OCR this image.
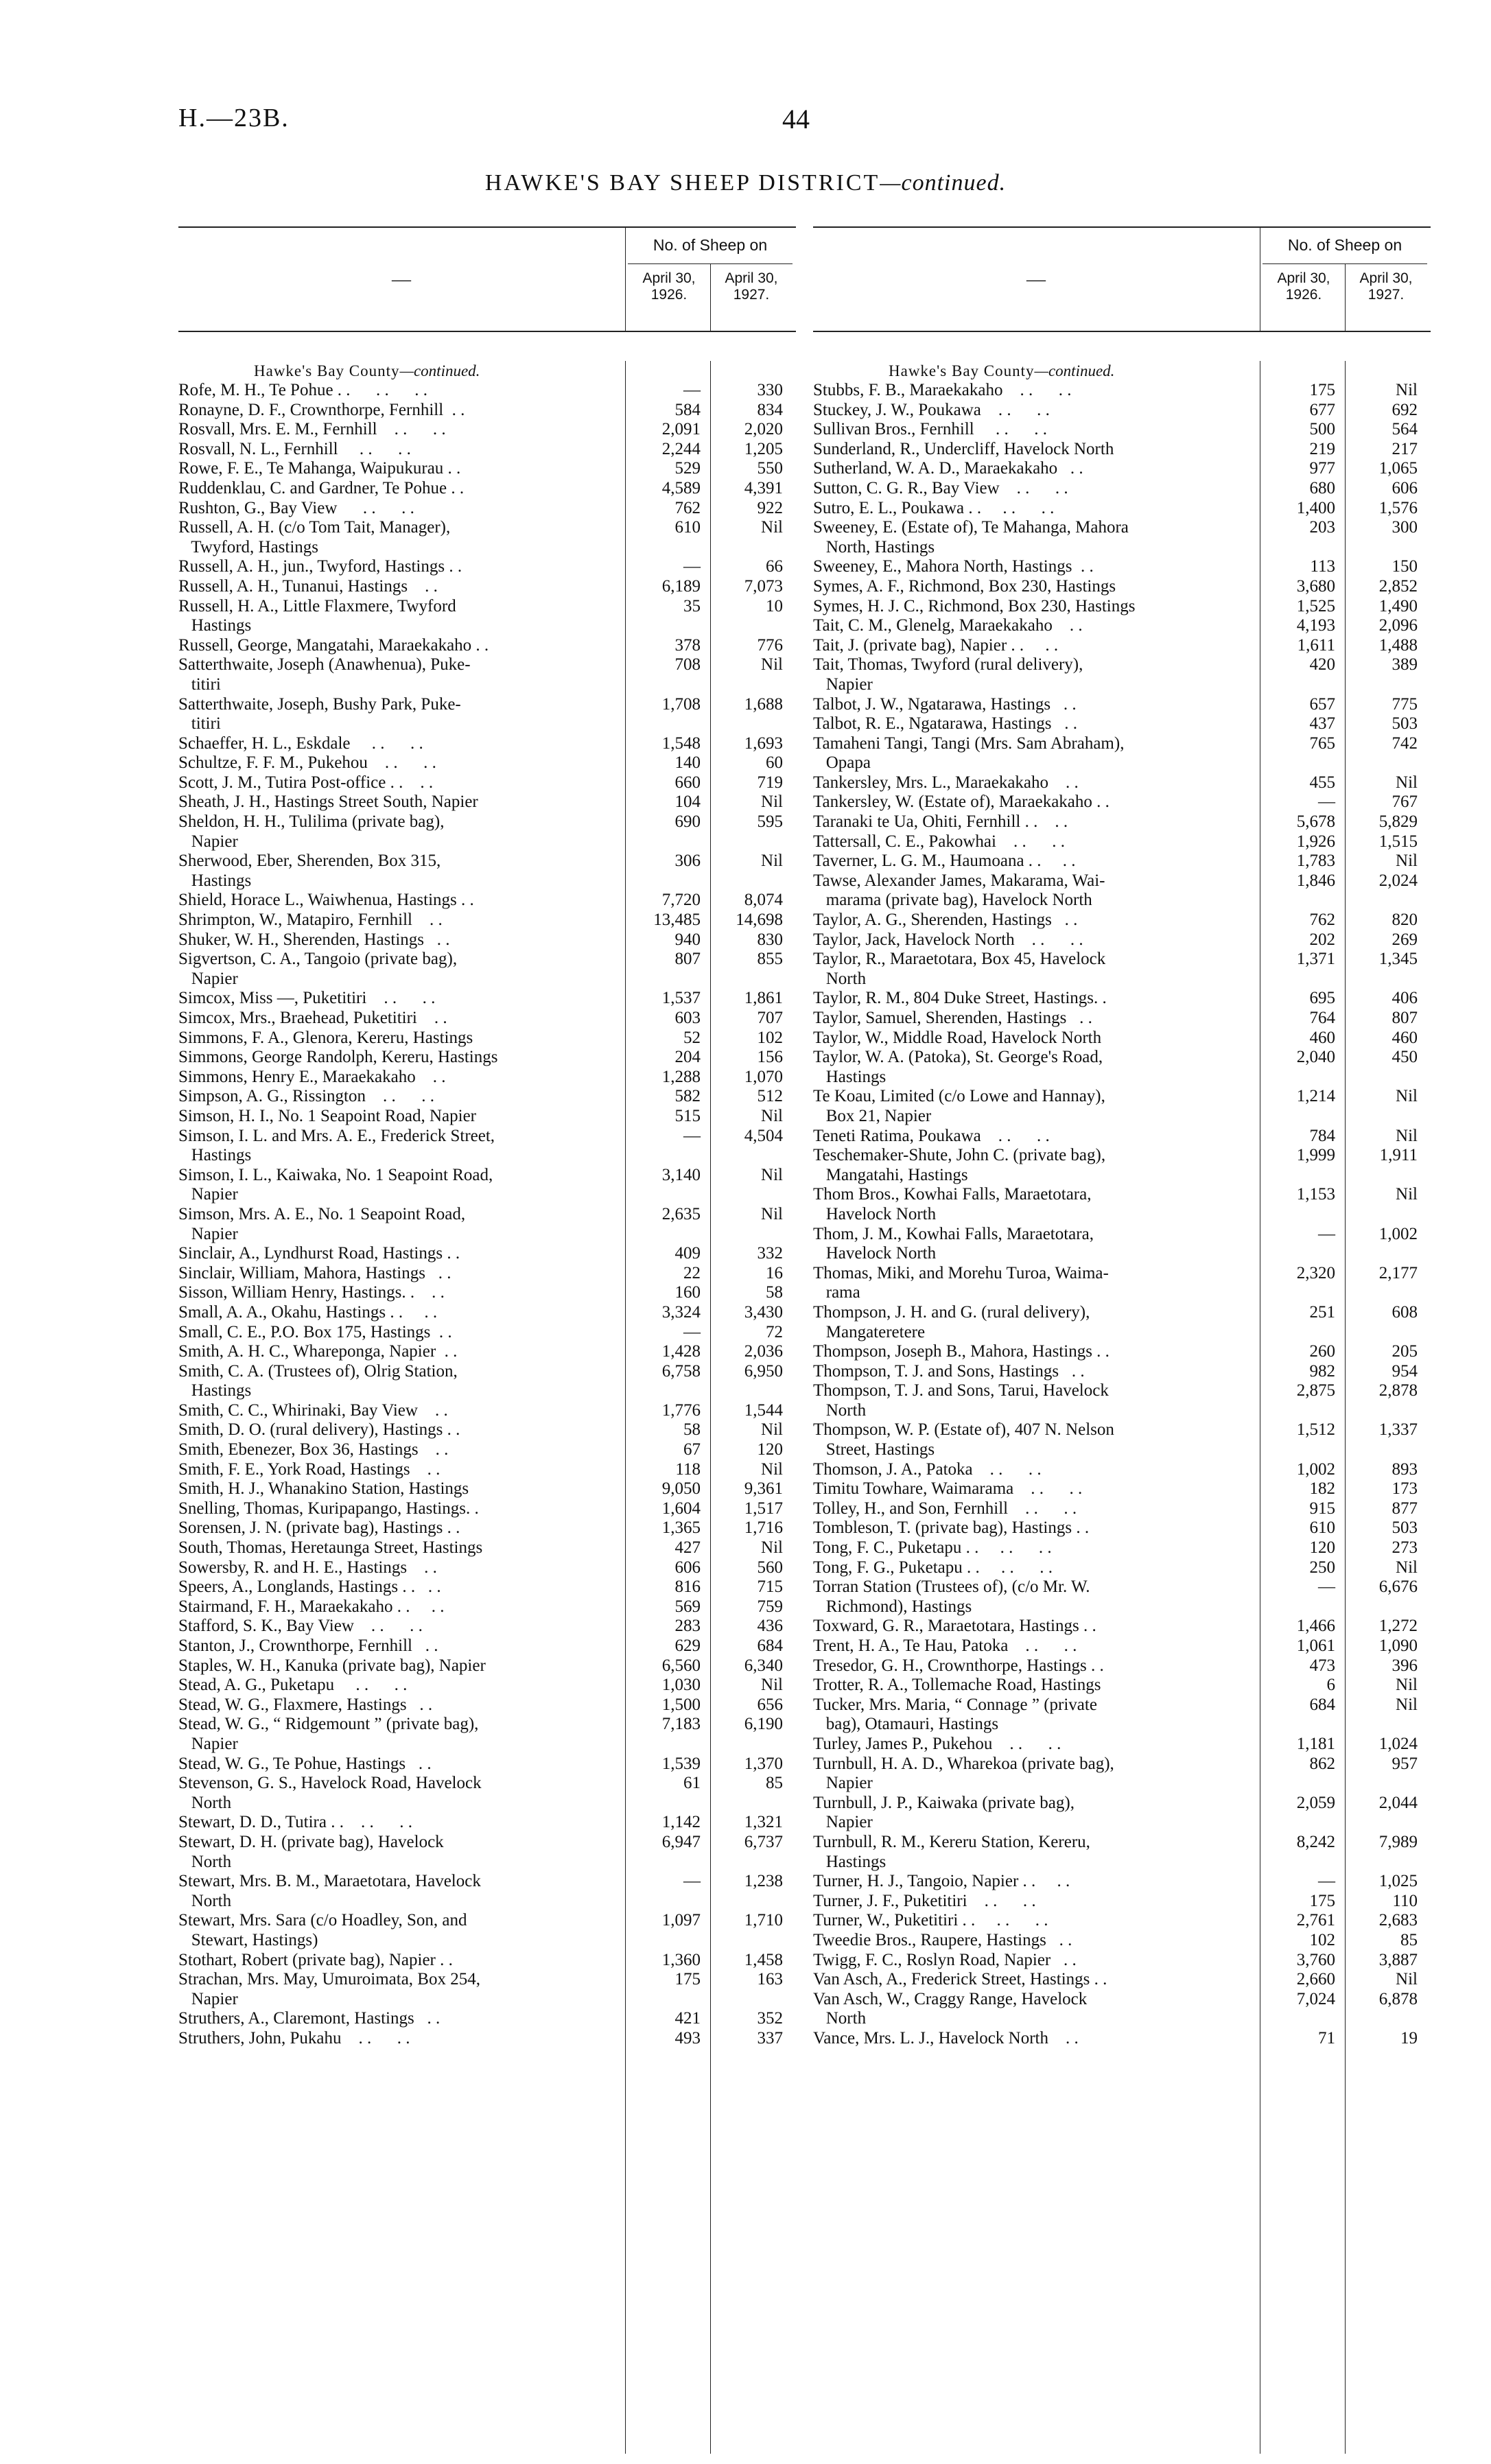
H.—23B.	44
HAWKE'S BAY SHEEP DISTRICT—continued.
—
No. of Sheep on
April 30, 1926.
April 30, 1927.
Hawke's Bay County—continued.
Rofe, M. H., Te Pohue . .      . .      . .	—	330
Ronayne, D. F., Crownthorpe, Fernhill  . .	584	834
Rosvall, Mrs. E. M., Fernhill    . .      . .	2,091	2,020
Rosvall, N. L., Fernhill     . .      . .	2,244	1,205
Rowe, F. E., Te Mahanga, Waipukurau . .	529	550
Ruddenklau, C. and Gardner, Te Pohue . .	4,589	4,391
Rushton, G., Bay View      . .      . .	762	922
Russell, A. H. (c/o Tom Tait, Manager),	610	Nil
Twyford, Hastings
Russell, A. H., jun., Twyford, Hastings . .	—	66
Russell, A. H., Tunanui, Hastings    . .	6,189	7,073
Russell, H. A., Little Flaxmere, Twyford	35	10
Hastings
Russell, George, Mangatahi, Maraekakaho . .	378	776
Satterthwaite, Joseph (Anawhenua), Puke-	708	Nil
titiri
Satterthwaite, Joseph, Bushy Park, Puke-	1,708	1,688
titiri
Schaeffer, H. L., Eskdale     . .      . .	1,548	1,693
Schultze, F. F. M., Pukehou    . .      . .	140	60
Scott, J. M., Tutira Post-office . .    . .	660	719
Sheath, J. H., Hastings Street South, Napier	104	Nil
Sheldon, H. H., Tulilima (private bag),	690	595
Napier
Sherwood, Eber, Sherenden, Box 315,	306	Nil
Hastings
Shield, Horace L., Waiwhenua, Hastings . .	7,720	8,074
Shrimpton, W., Matapiro, Fernhill    . .	13,485	14,698
Shuker, W. H., Sherenden, Hastings   . .	940	830
Sigvertson, C. A., Tangoio (private bag),	807	855
Napier
Simcox, Miss —, Puketitiri    . .      . .	1,537	1,861
Simcox, Mrs., Braehead, Puketitiri    . .	603	707
Simmons, F. A., Glenora, Kereru, Hastings	52	102
Simmons, George Randolph, Kereru, Hastings	204	156
Simmons, Henry E., Maraekakaho    . .	1,288	1,070
Simpson, A. G., Rissington    . .      . .	582	512
Simson, H. I., No. 1 Seapoint Road, Napier	515	Nil
Simson, I. L. and Mrs. A. E., Frederick Street,	—	4,504
Hastings
Simson, I. L., Kaiwaka, No. 1 Seapoint Road,	3,140	Nil
Napier
Simson, Mrs. A. E., No. 1 Seapoint Road,	2,635	Nil
Napier
Sinclair, A., Lyndhurst Road, Hastings . .	409	332
Sinclair, William, Mahora, Hastings   . .	22	16
Sisson, William Henry, Hastings. .    . .	160	58
Small, A. A., Okahu, Hastings . .     . .	3,324	3,430
Small, C. E., P.O. Box 175, Hastings  . .	—	72
Smith, A. H. C., Whareponga, Napier  . .	1,428	2,036
Smith, C. A. (Trustees of), Olrig Station,	6,758	6,950
Hastings
Smith, C. C., Whirinaki, Bay View    . .	1,776	1,544
Smith, D. O. (rural delivery), Hastings . .	58	Nil
Smith, Ebenezer, Box 36, Hastings    . .	67	120
Smith, F. E., York Road, Hastings    . .	118	Nil
Smith, H. J., Whanakino Station, Hastings	9,050	9,361
Snelling, Thomas, Kuripapango, Hastings. .	1,604	1,517
Sorensen, J. N. (private bag), Hastings . .	1,365	1,716
South, Thomas, Heretaunga Street, Hastings	427	Nil
Sowersby, R. and H. E., Hastings    . .	606	560
Speers, A., Longlands, Hastings . .   . .	816	715
Stairmand, F. H., Maraekakaho . .     . .	569	759
Stafford, S. K., Bay View    . .      . .	283	436
Stanton, J., Crownthorpe, Fernhill   . .	629	684
Staples, W. H., Kanuka (private bag), Napier	6,560	6,340
Stead, A. G., Puketapu     . .      . .	1,030	Nil
Stead, W. G., Flaxmere, Hastings   . .	1,500	656
Stead, W. G., “ Ridgemount ” (private bag),	7,183	6,190
Napier
Stead, W. G., Te Pohue, Hastings   . .	1,539	1,370
Stevenson, G. S., Havelock Road, Havelock	61	85
North
Stewart, D. D., Tutira . .    . .      . .	1,142	1,321
Stewart, D. H. (private bag), Havelock	6,947	6,737
North
Stewart, Mrs. B. M., Maraetotara, Havelock	—	1,238
North
Stewart, Mrs. Sara (c/o Hoadley, Son, and	1,097	1,710
Stewart, Hastings)
Stothart, Robert (private bag), Napier . .	1,360	1,458
Strachan, Mrs. May, Umuroimata, Box 254,	175	163
Napier
Struthers, A., Claremont, Hastings   . .	421	352
Struthers, John, Pukahu    . .      . .	493	337
—
No. of Sheep on
April 30, 1926.
April 30, 1927.
Hawke's Bay County—continued.
Stubbs, F. B., Maraekakaho    . .      . .	175	Nil
Stuckey, J. W., Poukawa    . .      . .	677	692
Sullivan Bros., Fernhill     . .      . .	500	564
Sunderland, R., Undercliff, Havelock North	219	217
Sutherland, W. A. D., Maraekakaho   . .	977	1,065
Sutton, C. G. R., Bay View    . .      . .	680	606
Sutro, E. L., Poukawa . .     . .      . .	1,400	1,576
Sweeney, E. (Estate of), Te Mahanga, Mahora	203	300
North, Hastings
Sweeney, E., Mahora North, Hastings  . .	113	150
Symes, A. F., Richmond, Box 230, Hastings	3,680	2,852
Symes, H. J. C., Richmond, Box 230, Hastings	1,525	1,490
Tait, C. M., Glenelg, Maraekakaho    . .	4,193	2,096
Tait, J. (private bag), Napier . .     . .	1,611	1,488
Tait, Thomas, Twyford (rural delivery),	420	389
Napier
Talbot, J. W., Ngatarawa, Hastings   . .	657	775
Talbot, R. E., Ngatarawa, Hastings   . .	437	503
Tamaheni Tangi, Tangi (Mrs. Sam Abraham),	765	742
Opapa
Tankersley, Mrs. L., Maraekakaho    . .	455	Nil
Tankersley, W. (Estate of), Maraekakaho . .	—	767
Taranaki te Ua, Ohiti, Fernhill . .    . .	5,678	5,829
Tattersall, C. E., Pakowhai    . .      . .	1,926	1,515
Taverner, L. G. M., Haumoana . .     . .	1,783	Nil
Tawse, Alexander James, Makarama, Wai-	1,846	2,024
marama (private bag), Havelock North
Taylor, A. G., Sherenden, Hastings   . .	762	820
Taylor, Jack, Havelock North    . .      . .	202	269
Taylor, R., Maraetotara, Box 45, Havelock	1,371	1,345
North
Taylor, R. M., 804 Duke Street, Hastings. .	695	406
Taylor, Samuel, Sherenden, Hastings   . .	764	807
Taylor, W., Middle Road, Havelock North	460	460
Taylor, W. A. (Patoka), St. George's Road,	2,040	450
Hastings
Te Koau, Limited (c/o Lowe and Hannay),	1,214	Nil
Box 21, Napier
Teneti Ratima, Poukawa    . .      . .	784	Nil
Teschemaker-Shute, John C. (private bag),	1,999	1,911
Mangatahi, Hastings
Thom Bros., Kowhai Falls, Maraetotara,	1,153	Nil
Havelock North
Thom, J. M., Kowhai Falls, Maraetotara,	—	1,002
Havelock North
Thomas, Miki, and Morehu Turoa, Waima-	2,320	2,177
rama
Thompson, J. H. and G. (rural delivery),	251	608
Mangateretere
Thompson, Joseph B., Mahora, Hastings . .	260	205
Thompson, T. J. and Sons, Hastings   . .	982	954
Thompson, T. J. and Sons, Tarui, Havelock	2,875	2,878
North
Thompson, W. P. (Estate of), 407 N. Nelson	1,512	1,337
Street, Hastings
Thomson, J. A., Patoka    . .      . .	1,002	893
Timitu Towhare, Waimarama    . .      . .	182	173
Tolley, H., and Son, Fernhill    . .      . .	915	877
Tombleson, T. (private bag), Hastings . .	610	503
Tong, F. C., Puketapu . .     . .      . .	120	273
Tong, F. G., Puketapu . .     . .      . .	250	Nil
Torran Station (Trustees of), (c/o Mr. W.	—	6,676
Richmond), Hastings
Toxward, G. R., Maraetotara, Hastings . .	1,466	1,272
Trent, H. A., Te Hau, Patoka    . .      . .	1,061	1,090
Tresedor, G. H., Crownthorpe, Hastings . .	473	396
Trotter, R. A., Tollemache Road, Hastings	6	Nil
Tucker, Mrs. Maria, “ Connage ” (private	684	Nil
bag), Otamauri, Hastings
Turley, James P., Pukehou    . .      . .	1,181	1,024
Turnbull, H. A. D., Wharekoa (private bag),	862	957
Napier
Turnbull, J. P., Kaiwaka (private bag),	2,059	2,044
Napier
Turnbull, R. M., Kereru Station, Kereru,	8,242	7,989
Hastings
Turner, H. J., Tangoio, Napier . .     . .	—	1,025
Turner, J. F., Puketitiri    . .      . .	175	110
Turner, W., Puketitiri . .     . .      . .	2,761	2,683
Tweedie Bros., Raupere, Hastings   . .	102	85
Twigg, F. C., Roslyn Road, Napier   . .	3,760	3,887
Van Asch, A., Frederick Street, Hastings . .	2,660	Nil
Van Asch, W., Craggy Range, Havelock	7,024	6,878
North
Vance, Mrs. L. J., Havelock North    . .	71	19
